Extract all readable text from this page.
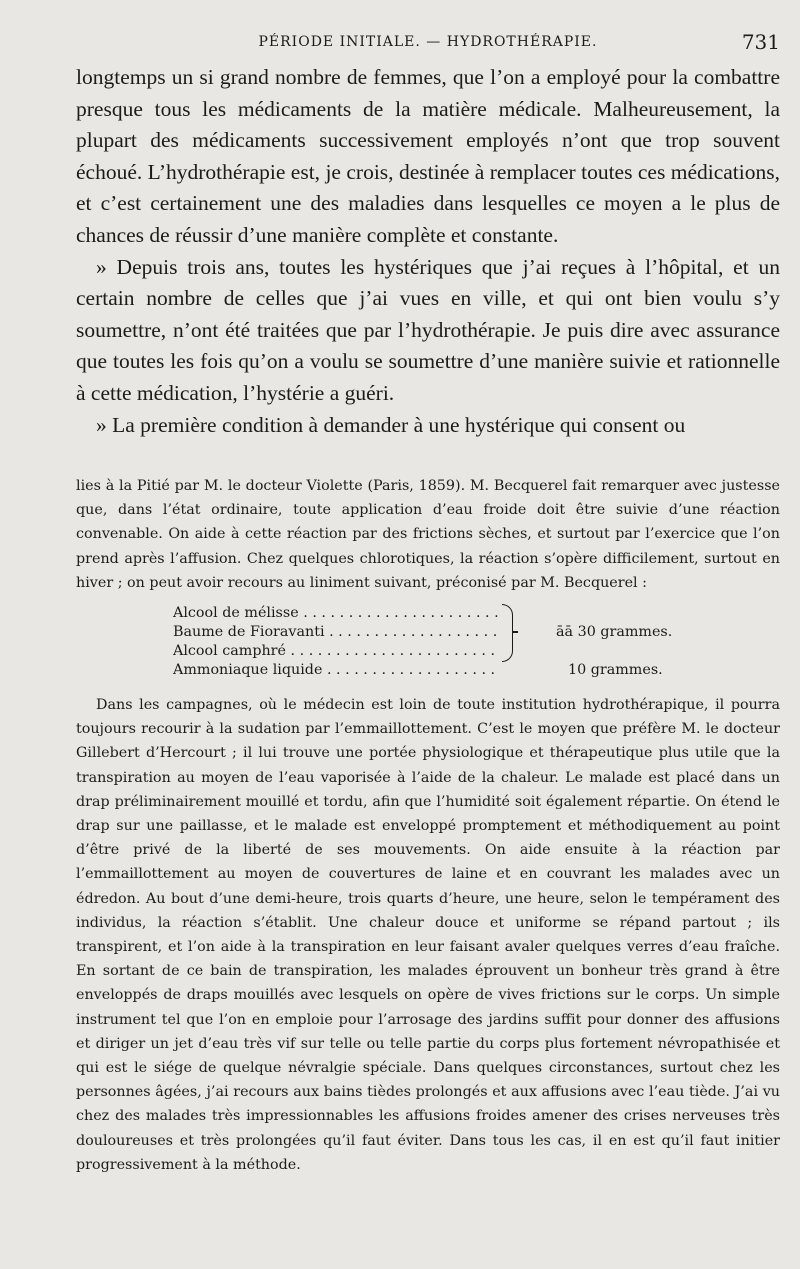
PÉRIODE INITIALE. — HYDROTHÉRAPIE.	731

longtemps un si grand nombre de femmes, que l’on a employé pour la combattre presque tous les médicaments de la matière médicale. Malheureusement, la plupart des médicaments successivement employés n’ont que trop souvent échoué. L’hydrothérapie est, je crois, destinée à remplacer toutes ces médications, et c’est certainement une des maladies dans lesquelles ce moyen a le plus de chances de réussir d’une manière complète et constante.

» Depuis trois ans, toutes les hystériques que j’ai reçues à l’hôpital, et un certain nombre de celles que j’ai vues en ville, et qui ont bien voulu s’y soumettre, n’ont été traitées que par l’hydrothérapie. Je puis dire avec assurance que toutes les fois qu’on a voulu se soumettre d’une manière suivie et rationnelle à cette médication, l’hystérie a guéri.

» La première condition à demander à une hystérique qui consent ou

lies à la Pitié par M. le docteur Violette (Paris, 1859). M. Becquerel fait remarquer avec justesse que, dans l’état ordinaire, toute application d’eau froide doit être suivie d’une réaction convenable. On aide à cette réaction par des frictions sèches, et surtout par l’exercice que l’on prend après l’affusion. Chez quelques chlorotiques, la réaction s’opère difficilement, surtout en hiver ; on peut avoir recours au liniment suivant, préconisé par M. Becquerel :

Alcool de mélisse . . .
Baume de Fioravanti . . .	āā 30 grammes.
Alcool camphré . . .
Ammoniaque liquide . . .	10 grammes.

Dans les campagnes, où le médecin est loin de toute institution hydrothérapique, il pourra toujours recourir à la sudation par l’emmaillottement. C’est le moyen que préfère M. le docteur Gillebert d’Hercourt ; il lui trouve une portée physiologique et thérapeutique plus utile que la transpiration au moyen de l’eau vaporisée à l’aide de la chaleur. Le malade est placé dans un drap préliminairement mouillé et tordu, afin que l’humidité soit également répartie. On étend le drap sur une paillasse, et le malade est enveloppé promptement et méthodiquement au point d’être privé de la liberté de ses mouvements. On aide ensuite à la réaction par l’emmaillottement au moyen de couvertures de laine et en couvrant les malades avec un édredon. Au bout d’une demi-heure, trois quarts d’heure, une heure, selon le tempérament des individus, la réaction s’établit. Une chaleur douce et uniforme se répand partout ; ils transpirent, et l’on aide à la transpiration en leur faisant avaler quelques verres d’eau fraîche. En sortant de ce bain de transpiration, les malades éprouvent un bonheur très grand à être enveloppés de draps mouillés avec lesquels on opère de vives frictions sur le corps. Un simple instrument tel que l’on en emploie pour l’arrosage des jardins suffit pour donner des affusions et diriger un jet d’eau très vif sur telle ou telle partie du corps plus fortement névropathisée et qui est le siége de quelque névralgie spéciale. Dans quelques circonstances, surtout chez les personnes âgées, j’ai recours aux bains tièdes prolongés et aux affusions avec l’eau tiède. J’ai vu chez des malades très impressionnables les affusions froides amener des crises nerveuses très douloureuses et très prolongées qu’il faut éviter. Dans tous les cas, il en est qu’il faut initier progressivement à la méthode.
